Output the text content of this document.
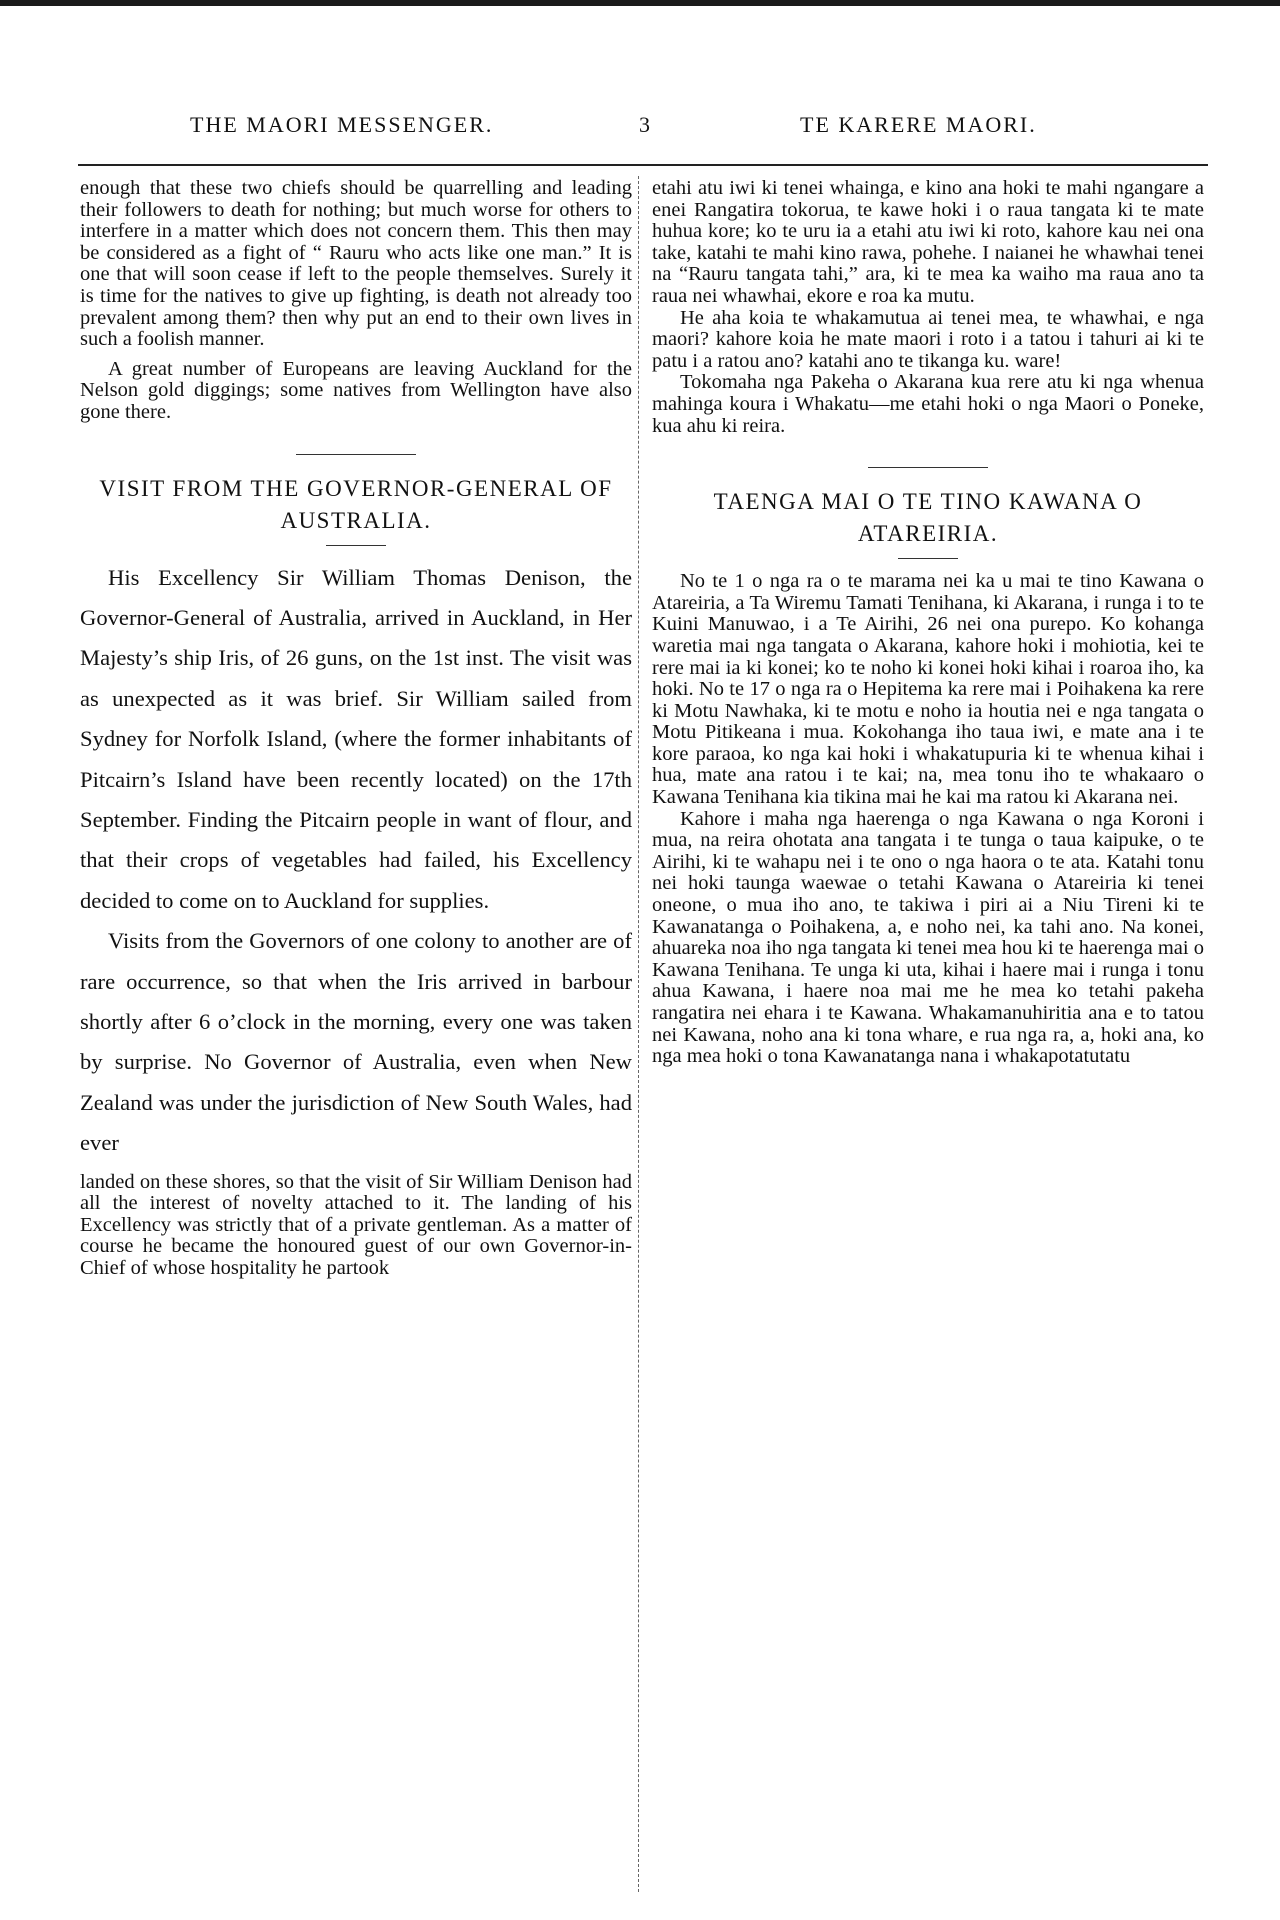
THE MAORI MESSENGER.	3	TE KARERE MAORI.

enough that these two chiefs should be quarrelling and leading their followers to death for nothing; but much worse for others to interfere in a matter which does not concern them. This then may be considered as a fight of “ Rauru who acts like one man.” It is one that will soon cease if left to the people themselves. Surely it is time for the natives to give up fighting, is death not already too prevalent among them? then why put an end to their own lives in such a foolish manner.

A great number of Europeans are leaving Auckland for the Nelson gold diggings; some natives from Wellington have also gone there.

VISIT FROM THE GOVERNOR-GENERAL OF AUSTRALIA.

His Excellency Sir William Thomas Denison, the Governor-General of Australia, arrived in Auckland, in Her Majesty’s ship Iris, of 26 guns, on the 1st inst. The visit was as unexpected as it was brief. Sir William sailed from Sydney for Norfolk Island, (where the former inhabitants of Pitcairn’s Island have been recently located) on the 17th September. Finding the Pitcairn people in want of flour, and that their crops of vegetables had failed, his Excellency decided to come on to Auckland for supplies.

Visits from the Governors of one colony to another are of rare occurrence, so that when the Iris arrived in barbour shortly after 6 o’clock in the morning, every one was taken by surprise. No Governor of Australia, even when New Zealand was under the jurisdiction of New South Wales, had ever

landed on these shores, so that the visit of Sir William Denison had all the interest of novelty attached to it. The landing of his Excellency was strictly that of a private gentleman. As a matter of course he became the honoured guest of our own Governor-in-Chief of whose hospitality he partook

etahi atu iwi ki tenei whainga, e kino ana hoki te mahi ngangare a enei Rangatira tokorua, te kawe hoki i o raua tangata ki te mate huhua kore; ko te uru ia a etahi atu iwi ki roto, kahore kau nei ona take, katahi te mahi kino rawa, pohehe. I naianei he whawhai tenei na “Rauru tangata tahi,” ara, ki te mea ka waiho ma raua ano ta raua nei whawhai, ekore e roa ka mutu.

He aha koia te whakamutua ai tenei mea, te whawhai, e nga maori? kahore koia he mate maori i roto i a tatou i tahuri ai ki te patu i a ratou ano? katahi ano te tikanga ku. ware!

Tokomaha nga Pakeha o Akarana kua rere atu ki nga whenua mahinga koura i Whakatu—me etahi hoki o nga Maori o Poneke, kua ahu ki reira.

TAENGA MAI O TE TINO KAWANA O ATAREIRIA.

No te 1 o nga ra o te marama nei ka u mai te tino Kawana o Atareiria, a Ta Wiremu Tamati Tenihana, ki Akarana, i runga i to te Kuini Manuwao, i a Te Airihi, 26 nei ona purepo. Ko kohanga waretia mai nga tangata o Akarana, kahore hoki i mohiotia, kei te rere mai ia ki konei; ko te noho ki konei hoki kihai i roaroa iho, ka hoki. No te 17 o nga ra o Hepitema ka rere mai i Poihakena ka rere ki Motu Nawhaka, ki te motu e noho ia houtia nei e nga tangata o Motu Pitikeana i mua. Kokohanga iho taua iwi, e mate ana i te kore paraoa, ko nga kai hoki i whakatupuria ki te whenua kihai i hua, mate ana ratou i te kai; na, mea tonu iho te whakaaro o Kawana Tenihana kia tikina mai he kai ma ratou ki Akarana nei.

Kahore i maha nga haerenga o nga Kawana o nga Koroni i mua, na reira ohotata ana tangata i te tunga o taua kaipuke, o te Airihi, ki te wahapu nei i te ono o nga haora o te ata. Katahi tonu nei hoki taunga waewae o tetahi Kawana o Atareiria ki tenei oneone, o mua iho ano, te takiwa i piri ai a Niu Tireni ki te Kawanatanga o Poihakena, a, e noho nei, ka tahi ano. Na konei, ahuareka noa iho nga tangata ki tenei mea hou ki te haerenga mai o Kawana Tenihana. Te unga ki uta, kihai i haere mai i runga i tonu ahua Kawana, i haere noa mai me he mea ko tetahi pakeha rangatira nei ehara i te Kawana. Whakamanuhiritia ana e to tatou nei Kawana, noho ana ki tona whare, e rua nga ra, a, hoki ana, ko nga mea hoki o tona Kawanatanga nana i whakapotatutatu
